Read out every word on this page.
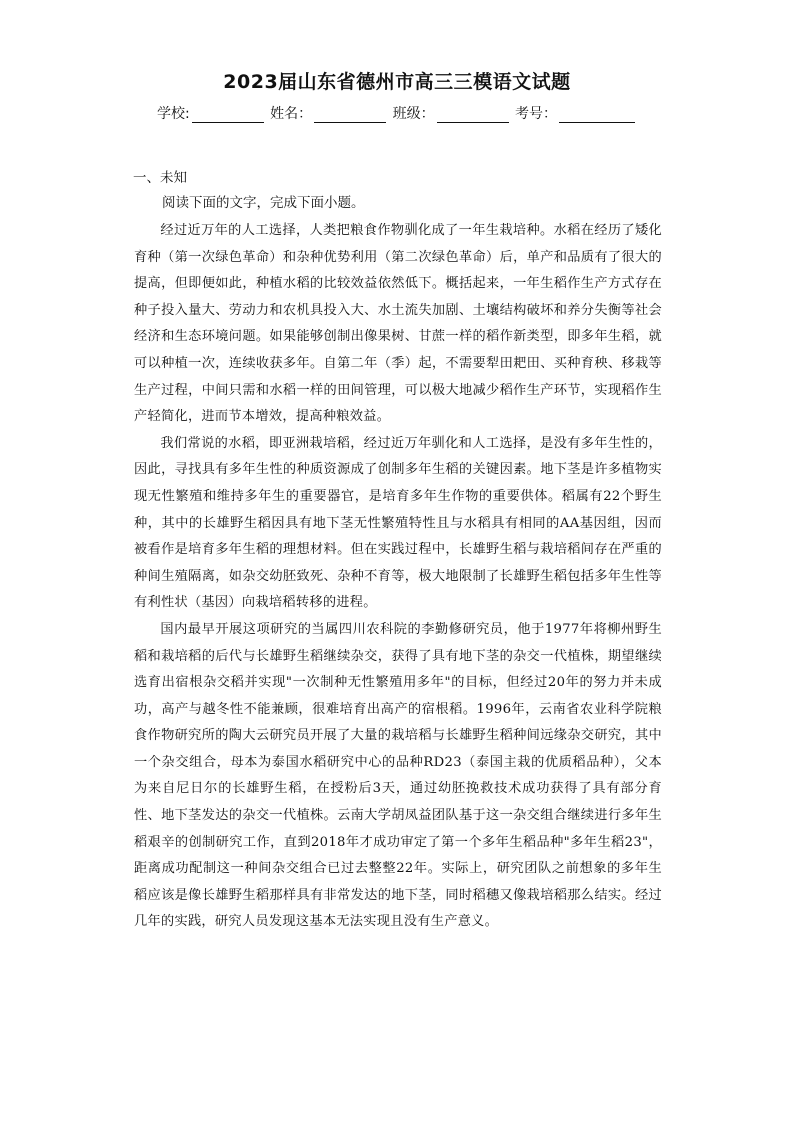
2023届山东省德州市高三三模语文试题
学校:	姓名：	班级：	考号：
一、未知
阅读下面的文字，完成下面小题。

经过近万年的人工选择，人类把粮食作物驯化成了一年生栽培种。水稻在经历了矮化育种（第一次绿色革命）和杂种优势利用（第二次绿色革命）后，单产和品质有了很大的提高，但即便如此，种植水稻的比较效益依然低下。概括起来，一年生稻作生产方式存在种子投入量大、劳动力和农机具投入大、水土流失加剧、土壤结构破坏和养分失衡等社会经济和生态环境问题。如果能够创制出像果树、甘蔗一样的稻作新类型，即多年生稻，就可以种植一次，连续收获多年。自第二年（季）起，不需要犁田耙田、买种育秧、移栽等生产过程，中间只需和水稻一样的田间管理，可以极大地减少稻作生产环节，实现稻作生产轻简化，进而节本增效，提高种粮效益。

我们常说的水稻，即亚洲栽培稻，经过近万年驯化和人工选择，是没有多年生性的，因此，寻找具有多年生性的种质资源成了创制多年生稻的关键因素。地下茎是许多植物实现无性繁殖和维持多年生的重要器官，是培育多年生作物的重要供体。稻属有22个野生种，其中的长雄野生稻因具有地下茎无性繁殖特性且与水稻具有相同的AA基因组，因而被看作是培育多年生稻的理想材料。但在实践过程中，长雄野生稻与栽培稻间存在严重的种间生殖隔离，如杂交幼胚致死、杂种不育等，极大地限制了长雄野生稻包括多年生性等有利性状（基因）向栽培稻转移的进程。

国内最早开展这项研究的当属四川农科院的李勤修研究员，他于1977年将柳州野生稻和栽培稻的后代与长雄野生稻继续杂交，获得了具有地下茎的杂交一代植株，期望继续选育出宿根杂交稻并实现"一次制种无性繁殖用多年"的目标，但经过20年的努力并未成功，高产与越冬性不能兼顾，很难培育出高产的宿根稻。1996年，云南省农业科学院粮食作物研究所的陶大云研究员开展了大量的栽培稻与长雄野生稻种间远缘杂交研究，其中一个杂交组合，母本为泰国水稻研究中心的品种RD23（泰国主栽的优质稻品种），父本为来自尼日尔的长雄野生稻，在授粉后3天，通过幼胚挽救技术成功获得了具有部分育性、地下茎发达的杂交一代植株。云南大学胡凤益团队基于这一杂交组合继续进行多年生稻艰辛的创制研究工作，直到2018年才成功审定了第一个多年生稻品种"多年生稻23"，距离成功配制这一种间杂交组合已过去整整22年。实际上，研究团队之前想象的多年生稻应该是像长雄野生稻那样具有非常发达的地下茎，同时稻穗又像栽培稻那么结实。经过几年的实践，研究人员发现这基本无法实现且没有生产意义。
